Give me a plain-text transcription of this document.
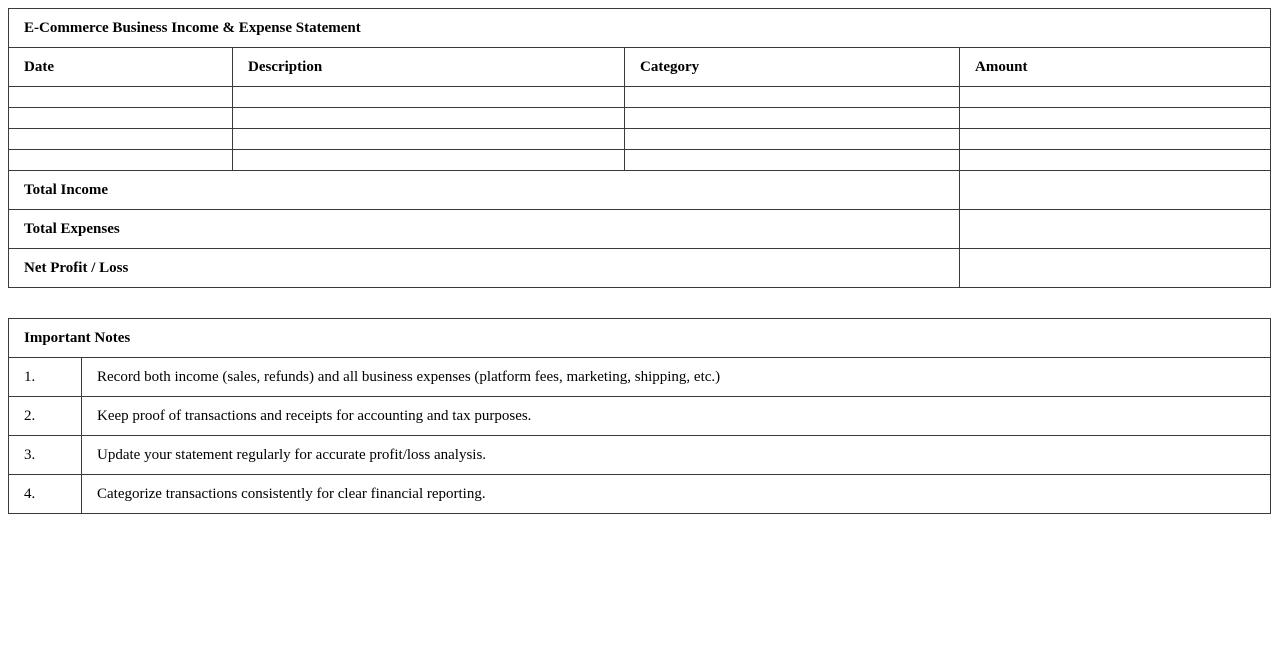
E-Commerce Business Income & Expense Statement			
Date	Description	Category	Amount

Total Income			
Total Expenses			
Net Profit / Loss			
Important Notes	
1.	Record both income (sales, refunds) and all business expenses (platform fees, marketing, shipping, etc.)
2.	Keep proof of transactions and receipts for accounting and tax purposes.
3.	Update your statement regularly for accurate profit/loss analysis.
4.	Categorize transactions consistently for clear financial reporting.
